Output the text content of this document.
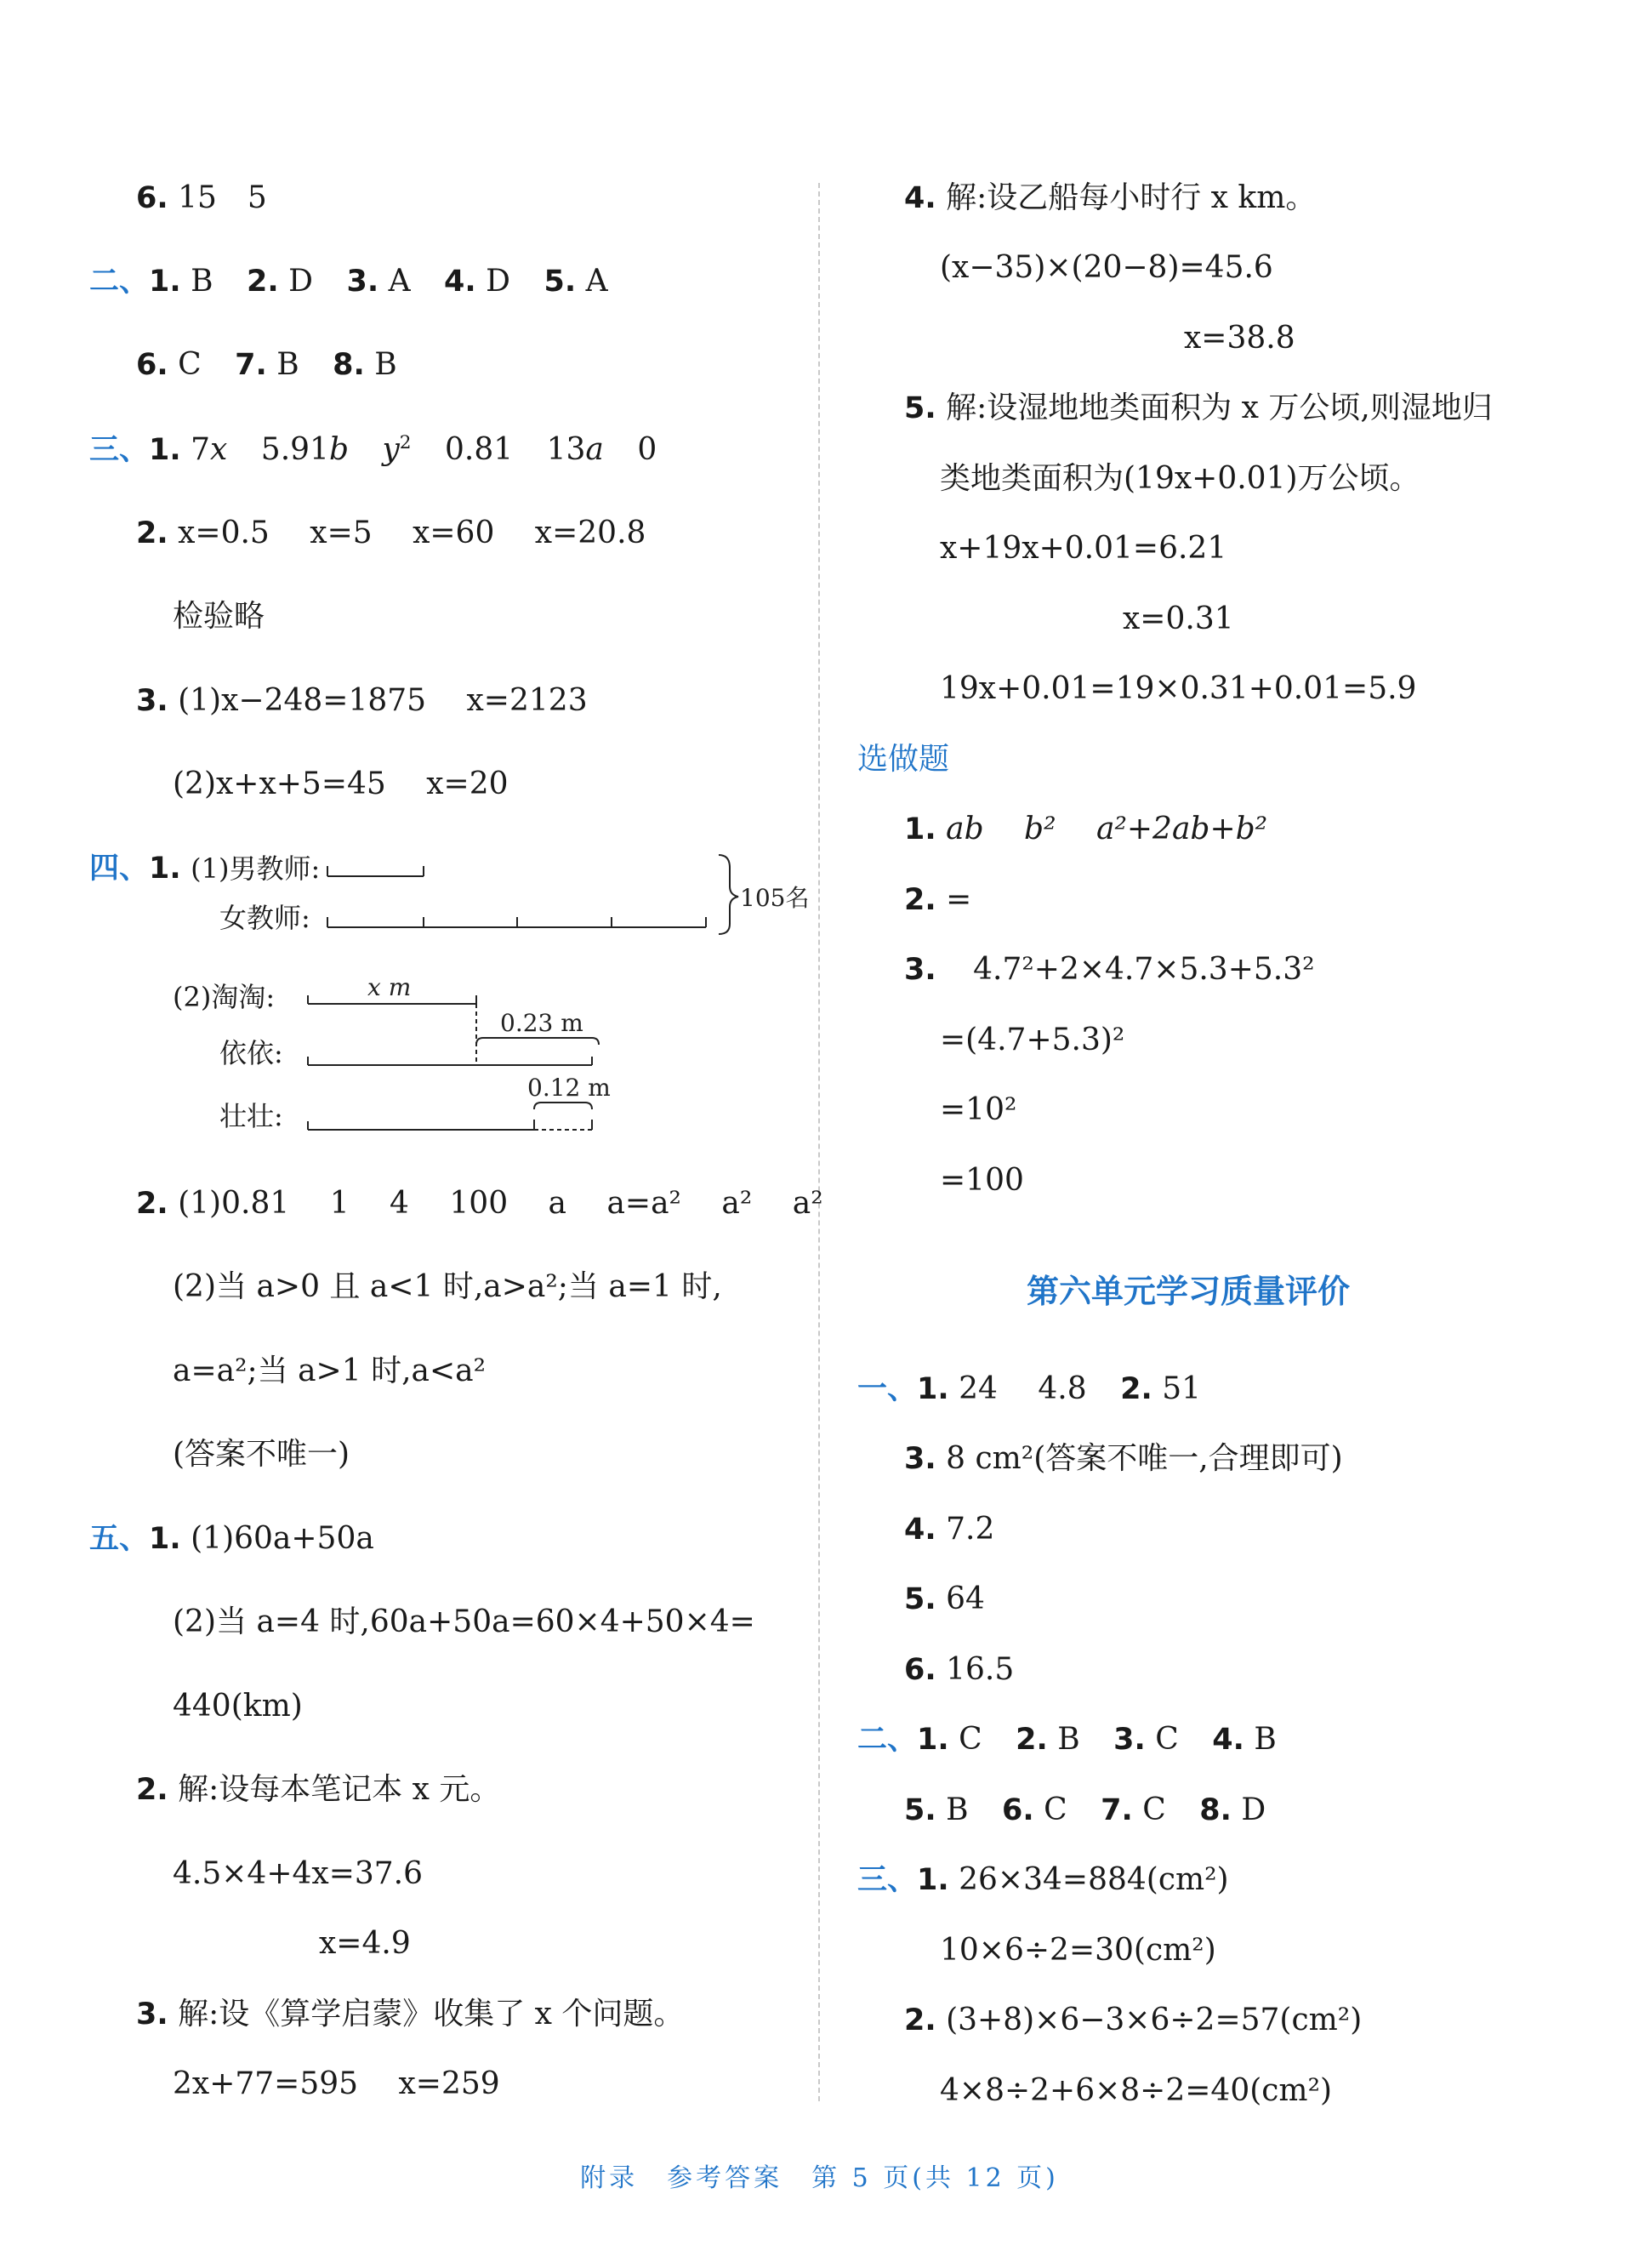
6. 15　5
二、1. B 2. D 3. A 4. D 5. A
6. C 7. B 8. B
三、1. 7x 5.91b $y^2$ 0.81 13a 0
2. x=0.5　 x=5　 x=60　 x=20.8
检验略
3. (1)x−248=1875　 x=2123
(2)x+x+5=45　 x=20
四、1. (1)男教师:
女教师:
105名
(2)淘淘:
依依:
壮壮:
x m
0.23 m
0.12 m
2. (1)0.81　 1　 4　 100　 a　 a=a²　 a²　 a²
(2)当 a>0 且 a<1 时,a>a²;当 a=1 时,
a=a²;当 a>1 时,a<a²
(答案不唯一)
五、1. (1)60a+50a
(2)当 a=4 时,60a+50a=60×4+50×4=
440(km)
2. 解:设每本笔记本 x 元。
4.5×4+4x=37.6
x=4.9
3. 解:设《算学启蒙》收集了 x 个问题。
2x+77=595　 x=259
4. 解:设乙船每小时行 x km。
(x−35)×(20−8)=45.6
x=38.8
5. 解:设湿地地类面积为 x 万公顷,则湿地归
类地类面积为(19x+0.01)万公顷。
x+19x+0.01=6.21
x=0.31
19x+0.01=19×0.31+0.01=5.9
选做题
1. ab　 b²　 a²+2ab+b²
2. =
3. 4.7²+2×4.7×5.3+5.3²
=(4.7+5.3)²
=10²
=100
第六单元学习质量评价
一、1. 24　 4.8 2. 51
3. 8 cm²(答案不唯一,合理即可)
4. 7.2
5. 64
6. 16.5
二、1. C 2. B 3. C 4. B
5. B 6. C 7. C 8. D
三、1. 26×34=884(cm²)
10×6÷2=30(cm²)
2. (3+8)×6−3×6÷2=57(cm²)
4×8÷2+6×8÷2=40(cm²)
附录　参考答案　第 5 页(共 12 页)
